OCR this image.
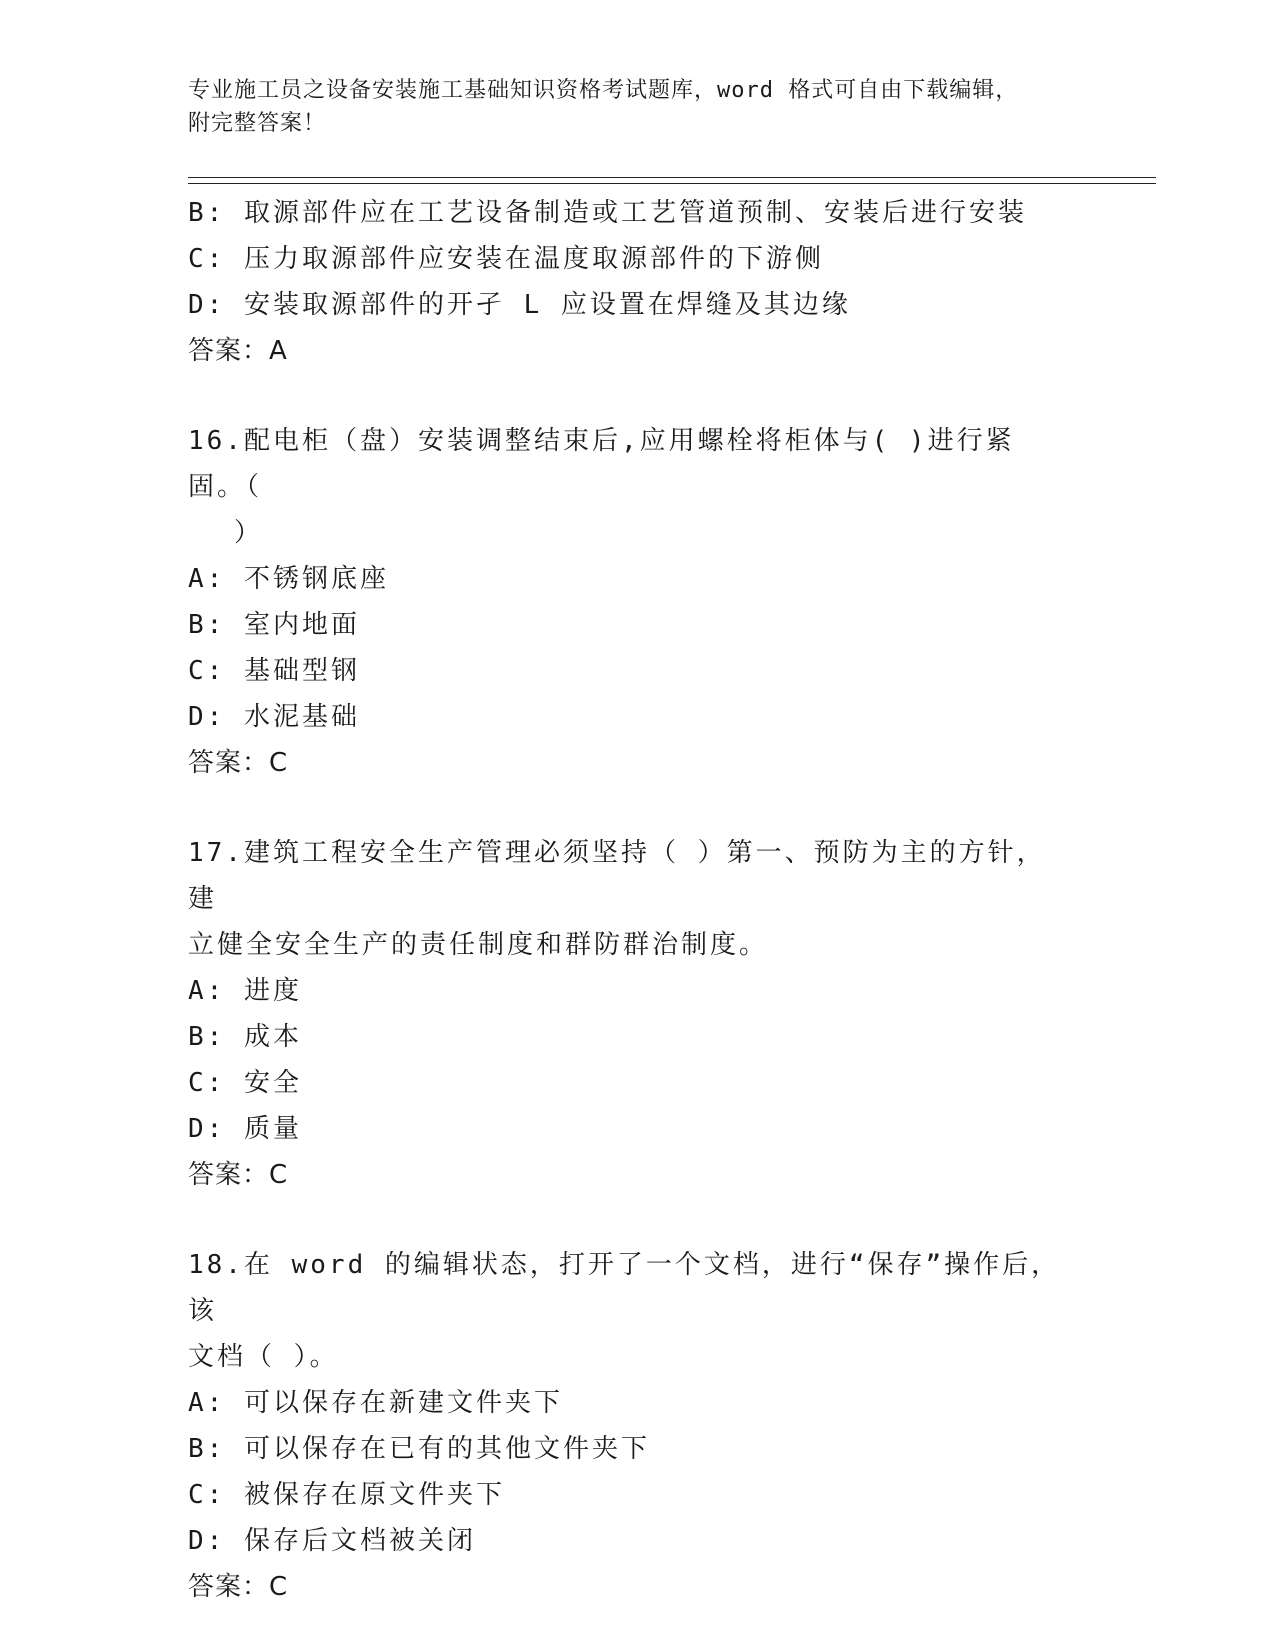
专业施工员之设备安装施工基础知识资格考试题库，word 格式可自由下载编辑，
附完整答案！
B: 取源部件应在工艺设备制造或工艺管道预制、安装后进行安装
C: 压力取源部件应安装在温度取源部件的下游侧
D: 安装取源部件的开孑 L 应设置在焊缝及其边缘
答案：A
16.配电柜（盘）安装调整结束后,应用螺栓将柜体与( )进行紧固。（
）
A: 不锈钢底座
B: 室内地面
C: 基础型钢
D: 水泥基础
答案：C
17.建筑工程安全生产管理必须坚持（ ）第一、预防为主的方针，建
立健全安全生产的责任制度和群防群治制度。
A: 进度
B: 成本
C: 安全
D: 质量
答案：C
18.在 word 的编辑状态，打开了一个文档，进行“保存”操作后，该
文档（ ）。
A: 可以保存在新建文件夹下
B: 可以保存在已有的其他文件夹下
C: 被保存在原文件夹下
D: 保存后文档被关闭
答案：C
